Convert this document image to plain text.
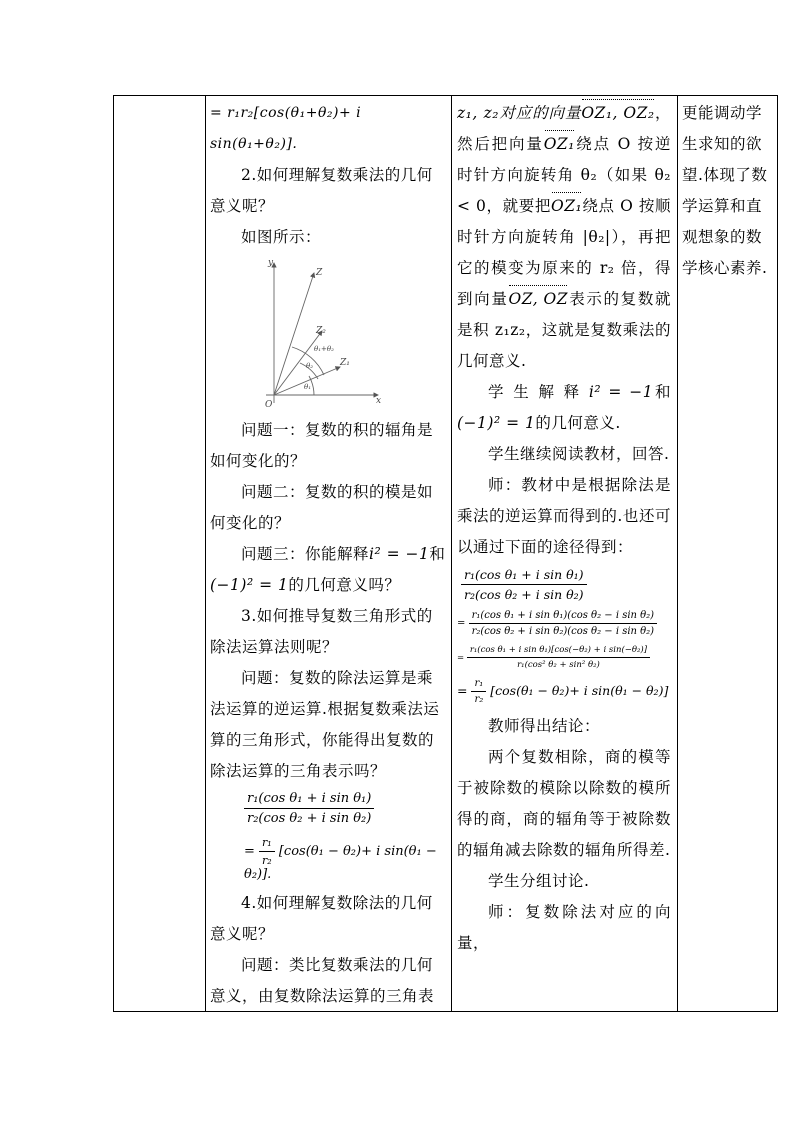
= r₁r₂[cos(θ₁+θ₂)+ i sin(θ₁+θ₂)].

2.如何理解复数乘法的几何意义呢？

如图所示：

y
x
O
Z
Z₂
Z₁
θ₁
θ₂
θ₁+θ₂

问题一：复数的积的辐角是如何变化的？

问题二：复数的积的模是如何变化的？

问题三：你能解释i² = −1和(−1)² = 1的几何意义吗？

3.如何推导复数三角形式的除法运算法则呢？

问题：复数的除法运算是乘法运算的逆运算.根据复数乘法运算的三角形式，你能得出复数的除法运算的三角表示吗？

$\frac{\text{r₁(cos θ₁ + i sin θ₁)}}{\text{r₂(cos θ₂ + i sin θ₂)}}$
= $\frac{\text{r₁}}{\text{r₂}} [\cos(\theta_1 - \theta_2)+ i$ sin(θ₁ − θ₂)].

4.如何理解复数除法的几何意义呢？

问题：类比复数乘法的几何意义，由复数除法运算的三角表

z₁, z₂对应的向量OZ₁, OZ₂，然后把向量OZ₁绕点 O 按逆时针方向旋转角 θ₂（如果 θ₂ < 0，就要把OZ₁绕点 O 按顺时针方向旋转角 |θ₂|），再把它的模变为原来的 r₂ 倍，得到向量OZ, OZ表示的复数就是积 z₁z₂，这就是复数乘法的几何意义.

学 生 解 释 i² = −1和(−1)² = 1的几何意义.

学生继续阅读教材，回答.

师：教材中是根据除法是乘法的逆运算而得到的.也还可以通过下面的途径得到：

$\frac{\text{r₁(cos θ₁ + i sin θ₁)}}{\text{r₂(cos θ₂ + i sin θ₂)}}$
= $\frac{\text{r₁(cos θ₁ + i sin θ₁)(cos θ₂ − i sin θ₂)}}{\text{r₂(cos θ₂ + i sin θ₂)(cos θ₂ − i sin θ₂)}}$
= $\frac{\text{r₁(cos θ₁ + i sin θ₁)[cos(−θ₂) + i sin(−θ₂)]}}{\text{r₁(cos² θ₂ + sin² θ₂)}}$
= $\frac{\text{r₁}}{\text{r₂}} [\cos(\theta_1 - \theta_2)+ i$ sin(θ₁ − θ₂)]

教师得出结论：

两个复数相除，商的模等于被除数的模除以除数的模所得的商，商的辐角等于被除数的辐角减去除数的辐角所得差.

学生分组讨论.

师：复数除法对应的向量，

更能调动学生求知的欲望.体现了数学运算和直观想象的数学核心素养.
